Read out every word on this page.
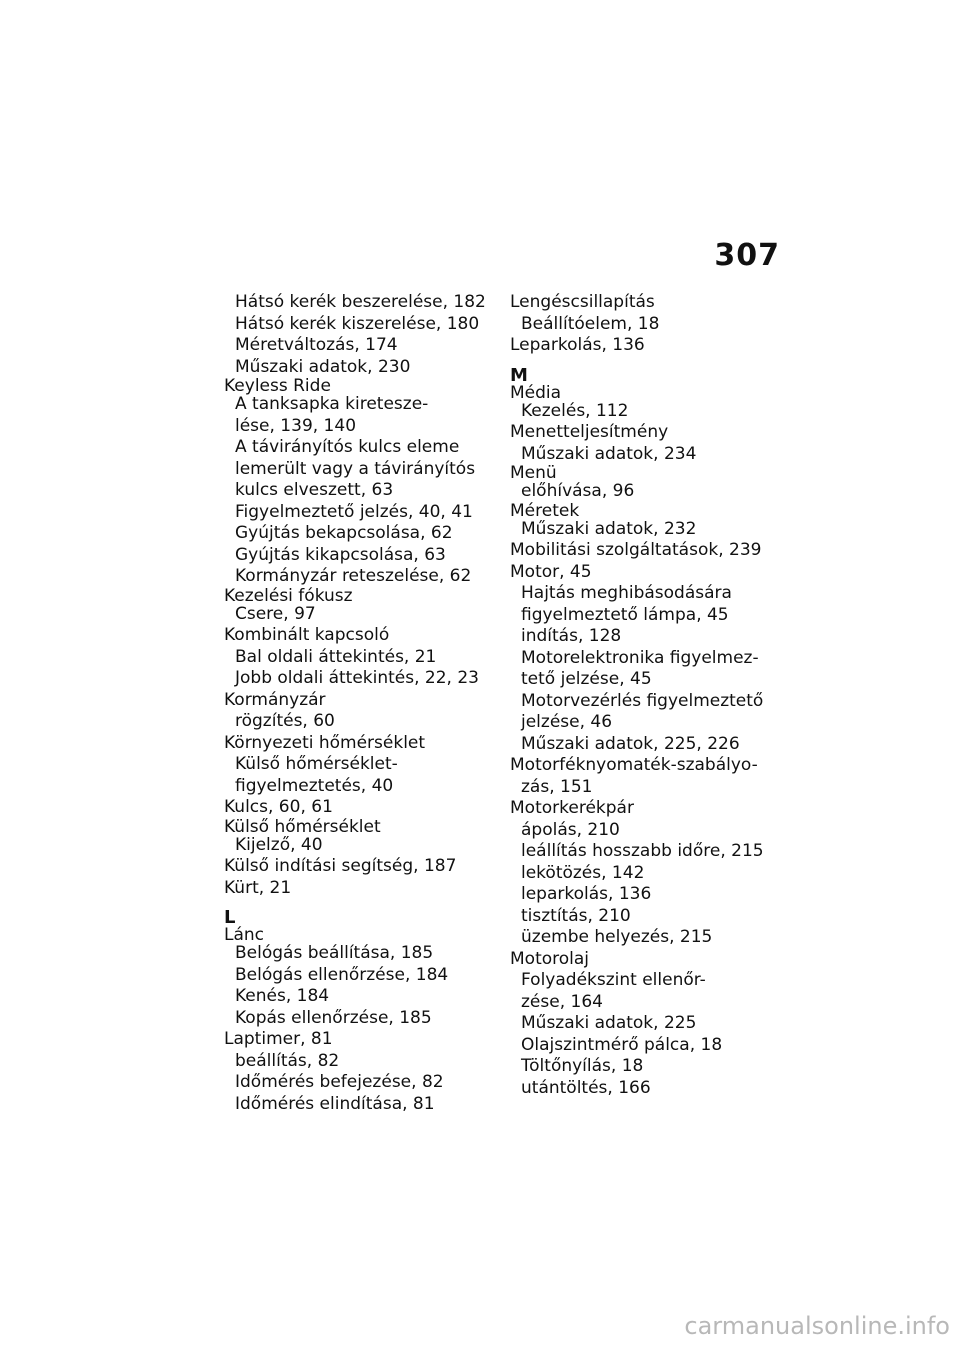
307
Hátsó kerék beszerelése, 182
Hátsó kerék kiszerelése, 180
Méretváltozás, 174
Műszaki adatok, 230
Keyless Ride
A tanksapka kiretesze-
lése, 139, 140
A távirányítós kulcs eleme
lemerült vagy a távirányítós
kulcs elveszett, 63
Figyelmeztető jelzés, 40, 41
Gyújtás bekapcsolása, 62
Gyújtás kikapcsolása, 63
Kormányzár reteszelése, 62
Kezelési fókusz
Csere, 97
Kombinált kapcsoló
Bal oldali áttekintés, 21
Jobb oldali áttekintés, 22, 23
Kormányzár
rögzítés, 60
Környezeti hőmérséklet
Külső hőmérséklet-
figyelmeztetés, 40
Kulcs, 60, 61
Külső hőmérséklet
Kijelző, 40
Külső indítási segítség, 187
Kürt, 21
L
Lánc
Belógás beállítása, 185
Belógás ellenőrzése, 184
Kenés, 184
Kopás ellenőrzése, 185
Laptimer, 81
beállítás, 82
Időmérés befejezése, 82
Időmérés elindítása, 81
Lengéscsillapítás
Beállítóelem, 18
Leparkolás, 136
M
Média
Kezelés, 112
Menetteljesítmény
Műszaki adatok, 234
Menü
előhívása, 96
Méretek
Műszaki adatok, 232
Mobilitási szolgáltatások, 239
Motor, 45
Hajtás meghibásodására
figyelmeztető lámpa, 45
indítás, 128
Motorelektronika figyelmez-
tető jelzése, 45
Motorvezérlés figyelmeztető
jelzése, 46
Műszaki adatok, 225, 226
Motorféknyomaték-szabályo-
zás, 151
Motorkerékpár
ápolás, 210
leállítás hosszabb időre, 215
lekötözés, 142
leparkolás, 136
tisztítás, 210
üzembe helyezés, 215
Motorolaj
Folyadékszint ellenőr-
zése, 164
Műszaki adatok, 225
Olajszintmérő pálca, 18
Töltőnyílás, 18
utántöltés, 166
carmanualsonline.info
